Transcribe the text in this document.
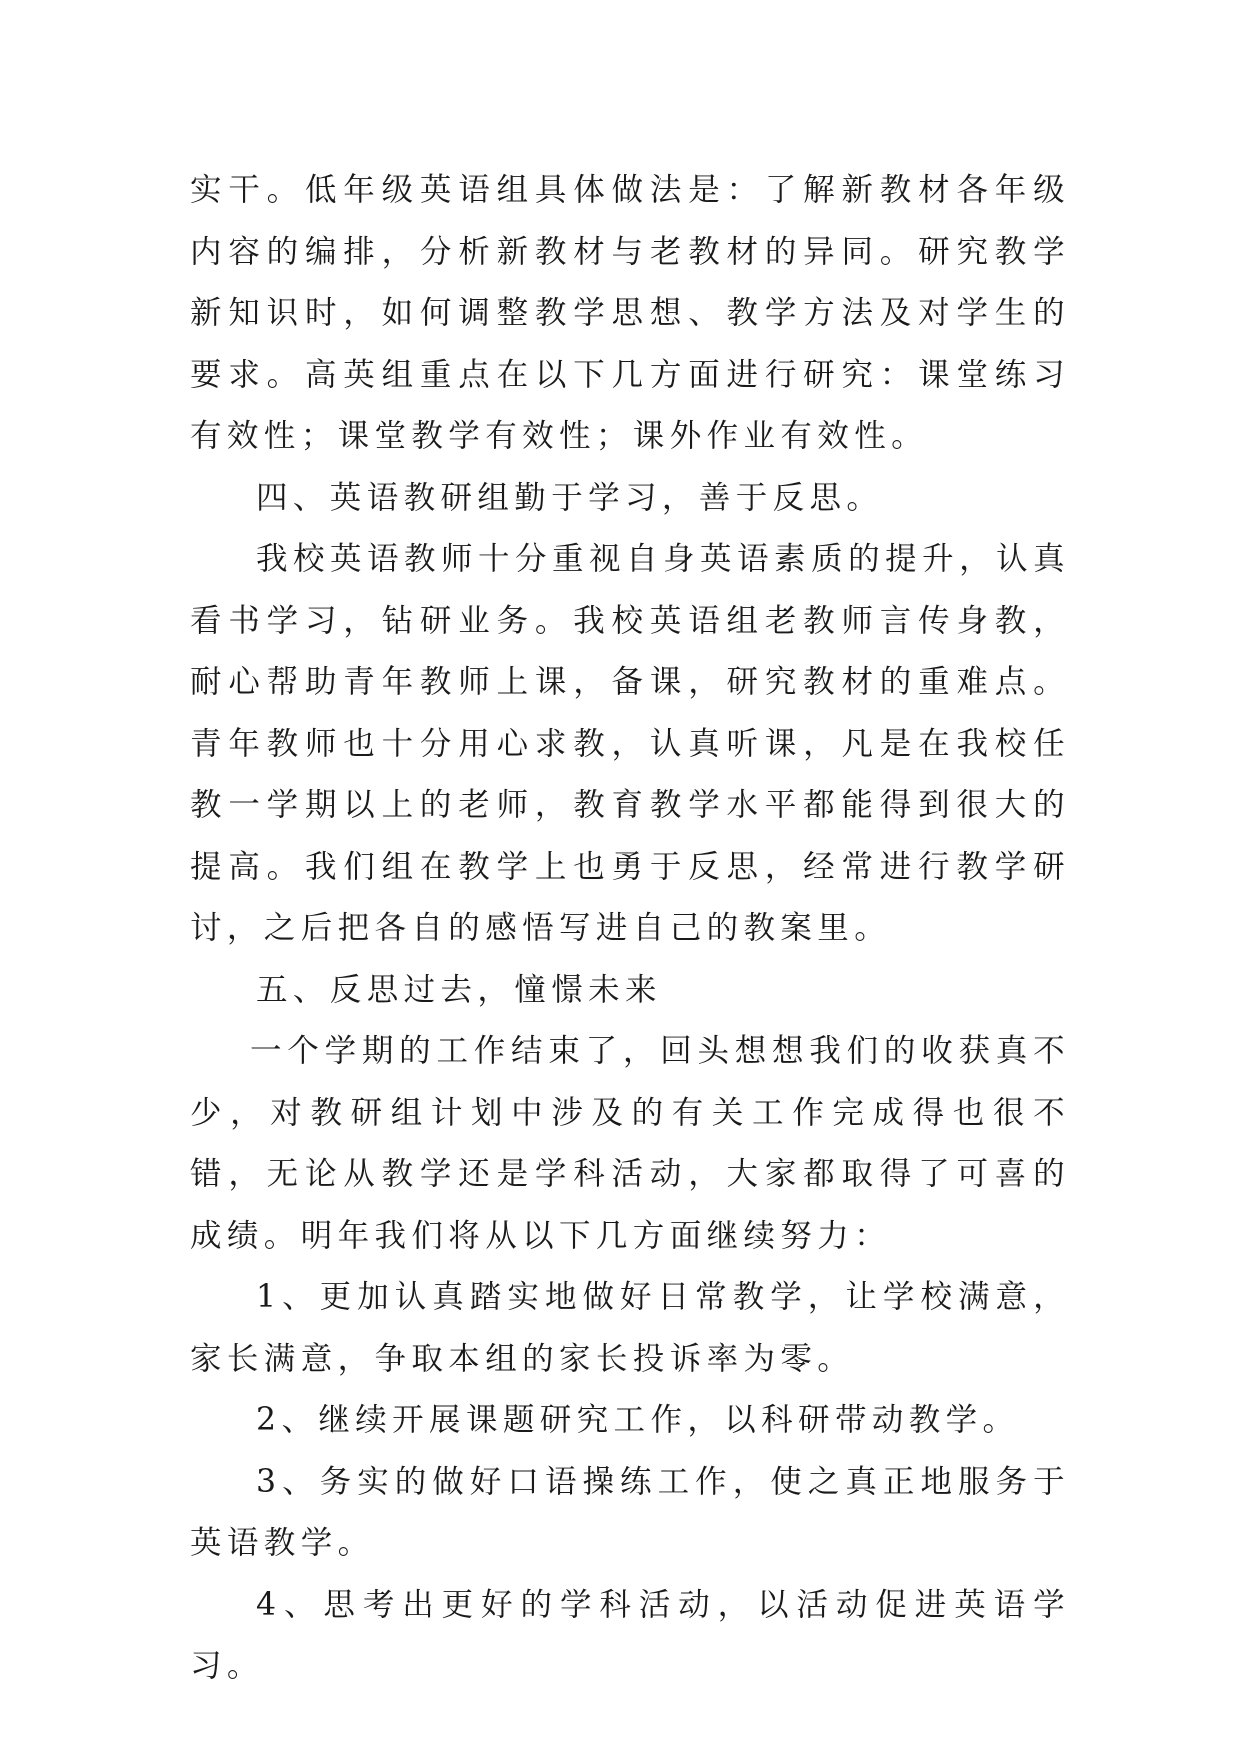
实干。低年级英语组具体做法是：了解新教材各年级内容的编排，分析新教材与老教材的异同。研究教学新知识时，如何调整教学思想、教学方法及对学生的要求。高英组重点在以下几方面进行研究：课堂练习有效性；课堂教学有效性；课外作业有效性。

四、英语教研组勤于学习，善于反思。

我校英语教师十分重视自身英语素质的提升，认真看书学习，钻研业务。我校英语组老教师言传身教，耐心帮助青年教师上课，备课，研究教材的重难点。青年教师也十分用心求教，认真听课，凡是在我校任教一学期以上的老师，教育教学水平都能得到很大的提高。我们组在教学上也勇于反思，经常进行教学研讨，之后把各自的感悟写进自己的教案里。

五、反思过去，憧憬未来

一个学期的工作结束了，回头想想我们的收获真不少，对教研组计划中涉及的有关工作完成得也很不错，无论从教学还是学科活动，大家都取得了可喜的成绩。明年我们将从以下几方面继续努力：

1、更加认真踏实地做好日常教学，让学校满意，家长满意，争取本组的家长投诉率为零。

2、继续开展课题研究工作，以科研带动教学。

3、务实的做好口语操练工作，使之真正地服务于英语教学。

4、思考出更好的学科活动，以活动促进英语学习。
